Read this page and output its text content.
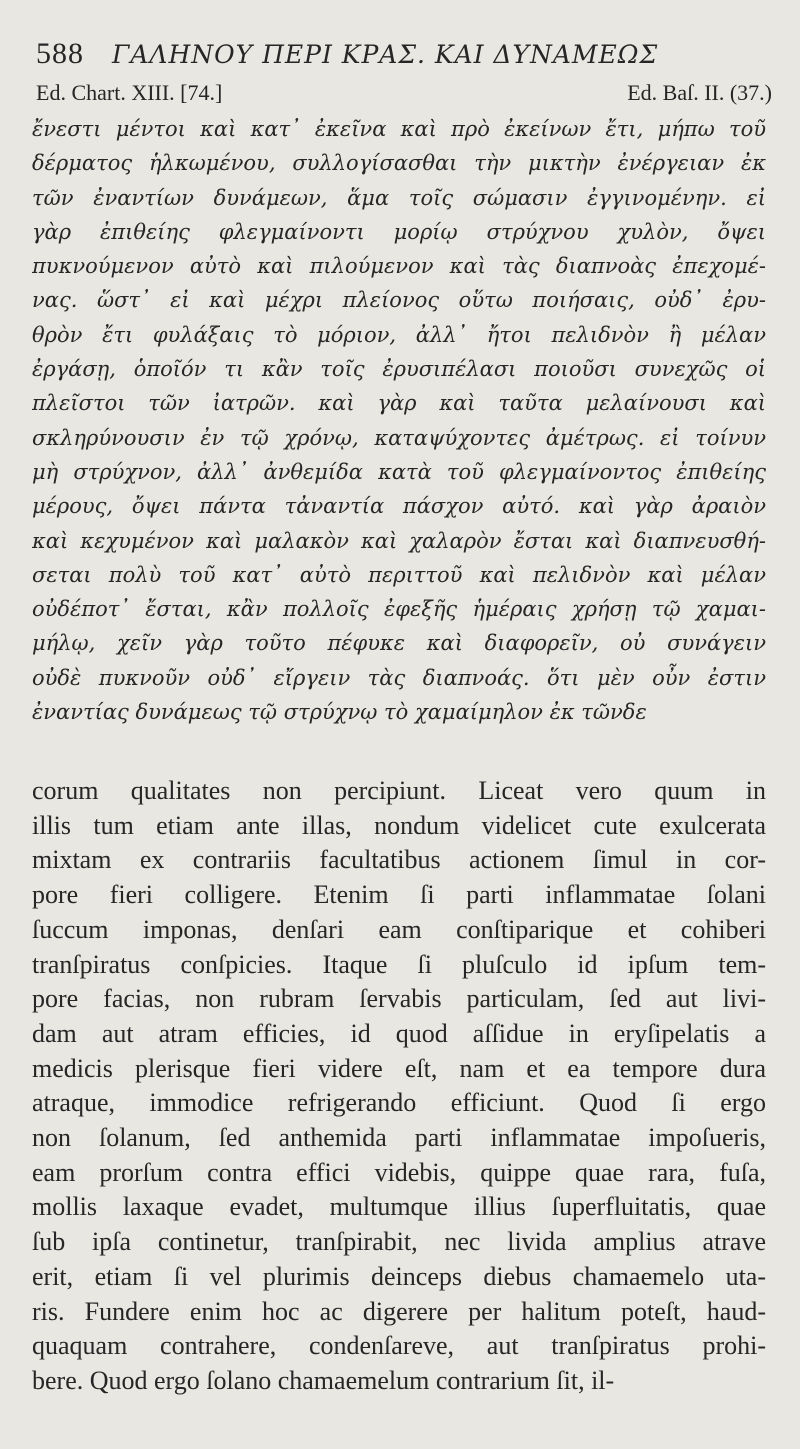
588 ΓΑΛΗΝΟΥ ΠΕΡΙ ΚΡΑΣ. ΚΑΙ ΔΥΝΑΜΕΩΣ
Ed. Chart. XIII. [74.]	Ed. Baſ. II. (37.)
ἔνεστι μέντοι καὶ κατ᾽ ἐκεῖνα καὶ πρὸ ἐκείνων ἔτι, μήπω τοῦ
δέρματος ἡλκωμένου, συλλογίσασθαι τὴν μικτὴν ἐνέργειαν ἐκ
τῶν ἐναντίων δυνάμεων, ἅμα τοῖς σώμασιν ἐγγινομένην. εἰ
γὰρ ἐπιθείης φλεγμαίνοντι μορίῳ στρύχνου χυλὸν, ὄψει
πυκνούμενον αὐτὸ καὶ πιλούμενον καὶ τὰς διαπνοὰς ἐπεχομέ-
νας. ὥστ᾽ εἰ καὶ μέχρι πλείονος οὕτω ποιήσαις, οὐδ᾽ ἐρυ-
θρὸν ἔτι φυλάξαις τὸ μόριον, ἀλλ᾽ ἤτοι πελιδνὸν ἢ μέλαν
ἐργάσῃ, ὁποῖόν τι κἂν τοῖς ἐρυσιπέλασι ποιοῦσι συνεχῶς οἱ
πλεῖστοι τῶν ἰατρῶν. καὶ γὰρ καὶ ταῦτα μελαίνουσι καὶ
σκληρύνουσιν ἐν τῷ χρόνῳ, καταψύχοντες ἀμέτρως. εἰ τοίνυν
μὴ στρύχνον, ἀλλ᾽ ἀνθεμίδα κατὰ τοῦ φλεγμαίνοντος ἐπιθείης
μέρους, ὄψει πάντα τἀναντία πάσχον αὐτό. καὶ γὰρ ἀραιὸν
καὶ κεχυμένον καὶ μαλακὸν καὶ χαλαρὸν ἔσται καὶ διαπνευσθή-
σεται πολὺ τοῦ κατ᾽ αὐτὸ περιττοῦ καὶ πελιδνὸν καὶ μέλαν
οὐδέποτ᾽ ἔσται, κἂν πολλοῖς ἐφεξῆς ἡμέραις χρήσῃ τῷ χαμαι-
μήλῳ, χεῖν γὰρ τοῦτο πέφυκε καὶ διαφορεῖν, οὐ συνάγειν
οὐδὲ πυκνοῦν οὐδ᾽ εἴργειν τὰς διαπνοάς. ὅτι μὲν οὖν ἐστιν
ἐναντίας δυνάμεως τῷ στρύχνῳ τὸ χαμαίμηλον ἐκ τῶνδε
corum qualitates non percipiunt. Liceat vero quum in
illis tum etiam ante illas, nondum videlicet cute exulcerata
mixtam ex contrariis facultatibus actionem ſimul in cor-
pore fieri colligere. Etenim ſi parti inflammatae ſolani
ſuccum imponas, denſari eam conſtiparique et cohiberi
tranſpiratus conſpicies. Itaque ſi pluſculo id ipſum tem-
pore facias, non rubram ſervabis particulam, ſed aut livi-
dam aut atram efficies, id quod aſſidue in eryſipelatis a
medicis plerisque fieri videre eſt, nam et ea tempore dura
atraque, immodice refrigerando efficiunt. Quod ſi ergo
non ſolanum, ſed anthemida parti inflammatae impoſueris,
eam prorſum contra effici videbis, quippe quae rara, fuſa,
mollis laxaque evadet, multumque illius ſuperfluitatis, quae
ſub ipſa continetur, tranſpirabit, nec livida amplius atrave
erit, etiam ſi vel plurimis deinceps diebus chamaemelo uta-
ris. Fundere enim hoc ac digerere per halitum poteſt, haud-
quaquam contrahere, condenſareve, aut tranſpiratus prohi-
bere. Quod ergo ſolano chamaemelum contrarium ſit, il-
